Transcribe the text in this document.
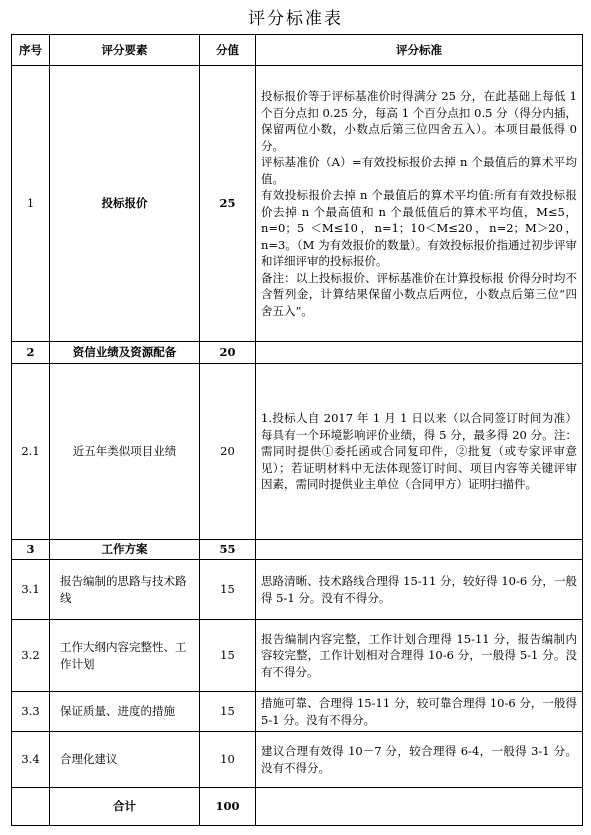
评分标准表
序号	评分要素	分值	评分标准
1	投标报价	25	投标报价等于评标基准价时得满分 25 分，在此基础上每低 1 个百分点扣 0.25 分，每高 1 个百分点扣 0.5 分（得分内插，保留两位小数，小数点后第三位四舍五入）。本项目最低得 0 分。

评标基准价（A）=有效投标报价去掉 n 个最值后的算术平均值。

有效投标报价去掉 n 个最值后的算术平均值:所有有效投标报价去掉 n 个最高值和 n 个最低值后的算术平均值，M≤5，n=0；5 ＜M≤10，n=1；10＜M≤20，n=2；M＞20，n=3。（M 为有效报价的数量）。有效投标报价指通过初步评审和详细评审的投标报价。

备注：以上投标报价、评标基准价在计算投标报 价得分时均不含暂列金，计算结果保留小数点后两位，小数点后第三位“四舍五入”。

2	资信业绩及资源配备	20	
2.1	近五年类似项目业绩	20	1.投标人自 2017 年 1 月 1 日以来（以合同签订时间为准）每具有一个环境影响评价业绩，得 5 分，最多得 20 分。注：需同时提供①委托函或合同复印件，②批复（或专家评审意见）；若证明材料中无法体现签订时间、项目内容等关键评审因素，需同时提供业主单位（合同甲方）证明扫描件。
3	工作方案	55	
3.1	报告编制的思路与技术路线	15	思路清晰、技术路线合理得 15-11 分，较好得 10-6 分，一般得 5-1 分。没有不得分。
3.2	工作大纲内容完整性、工作计划	15	报告编制内容完整，工作计划合理得 15-11 分，报告编制内容较完整，工作计划相对合理得 10-6 分，一般得 5-1 分。没有不得分。
3.3	保证质量、进度的措施	15	措施可靠、合理得 15-11 分，较可靠合理得 10-6 分，一般得 5-1 分。没有不得分。
3.4	合理化建议	10	建议合理有效得 10－7 分，较合理得 6-4，一般得 3-1 分。没有不得分。
	合计	100	
